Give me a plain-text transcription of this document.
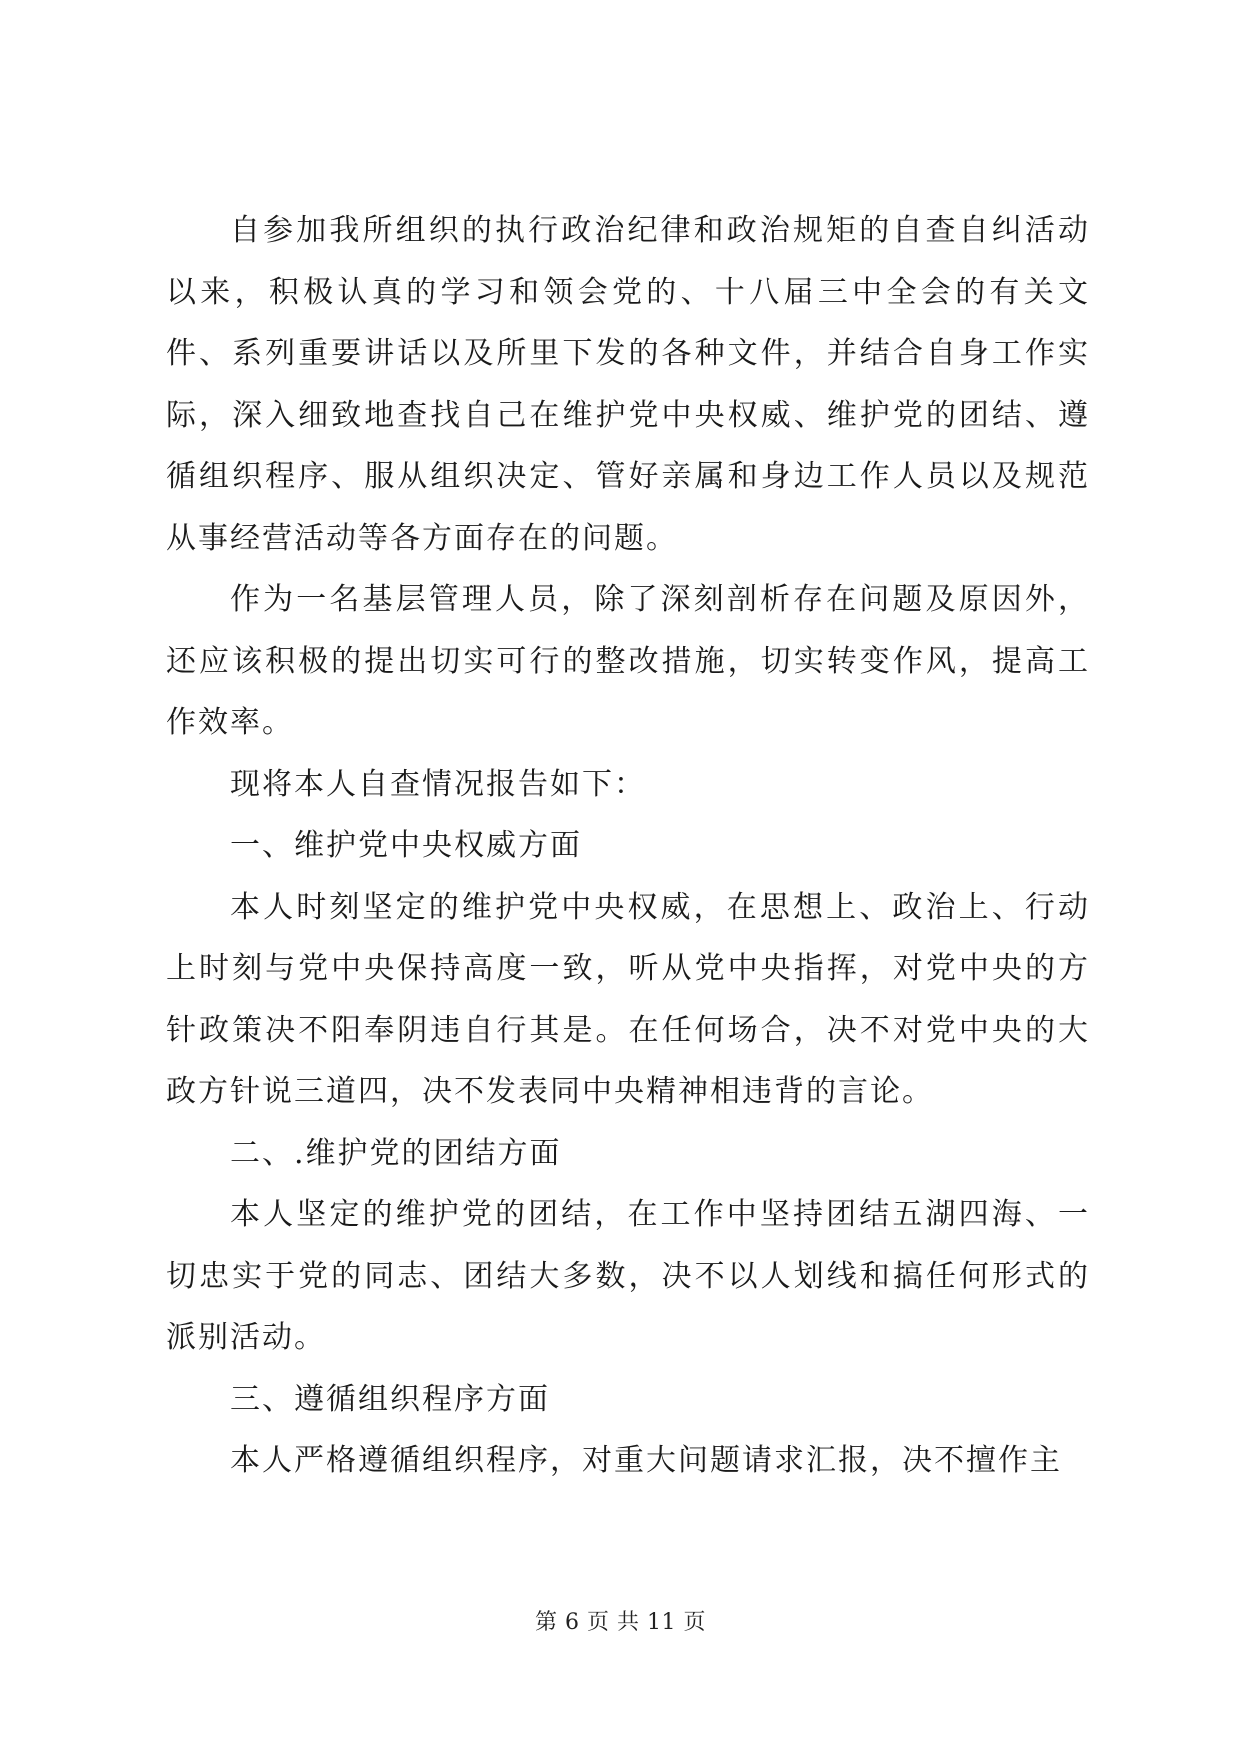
自参加我所组织的执行政治纪律和政治规矩的自查自纠活动以来，积极认真的学习和领会党的、十八届三中全会的有关文件、系列重要讲话以及所里下发的各种文件，并结合自身工作实际，深入细致地查找自己在维护党中央权威、维护党的团结、遵循组织程序、服从组织决定、管好亲属和身边工作人员以及规范从事经营活动等各方面存在的问题。

作为一名基层管理人员，除了深刻剖析存在问题及原因外，还应该积极的提出切实可行的整改措施，切实转变作风，提高工作效率。

现将本人自查情况报告如下：

一、维护党中央权威方面

本人时刻坚定的维护党中央权威，在思想上、政治上、行动上时刻与党中央保持高度一致，听从党中央指挥，对党中央的方针政策决不阳奉阴违自行其是。在任何场合，决不对党中央的大政方针说三道四，决不发表同中央精神相违背的言论。

二、.维护党的团结方面

本人坚定的维护党的团结，在工作中坚持团结五湖四海、一切忠实于党的同志、团结大多数，决不以人划线和搞任何形式的派别活动。

三、遵循组织程序方面

本人严格遵循组织程序，对重大问题请求汇报，决不擅作主

第 6 页 共 11 页
